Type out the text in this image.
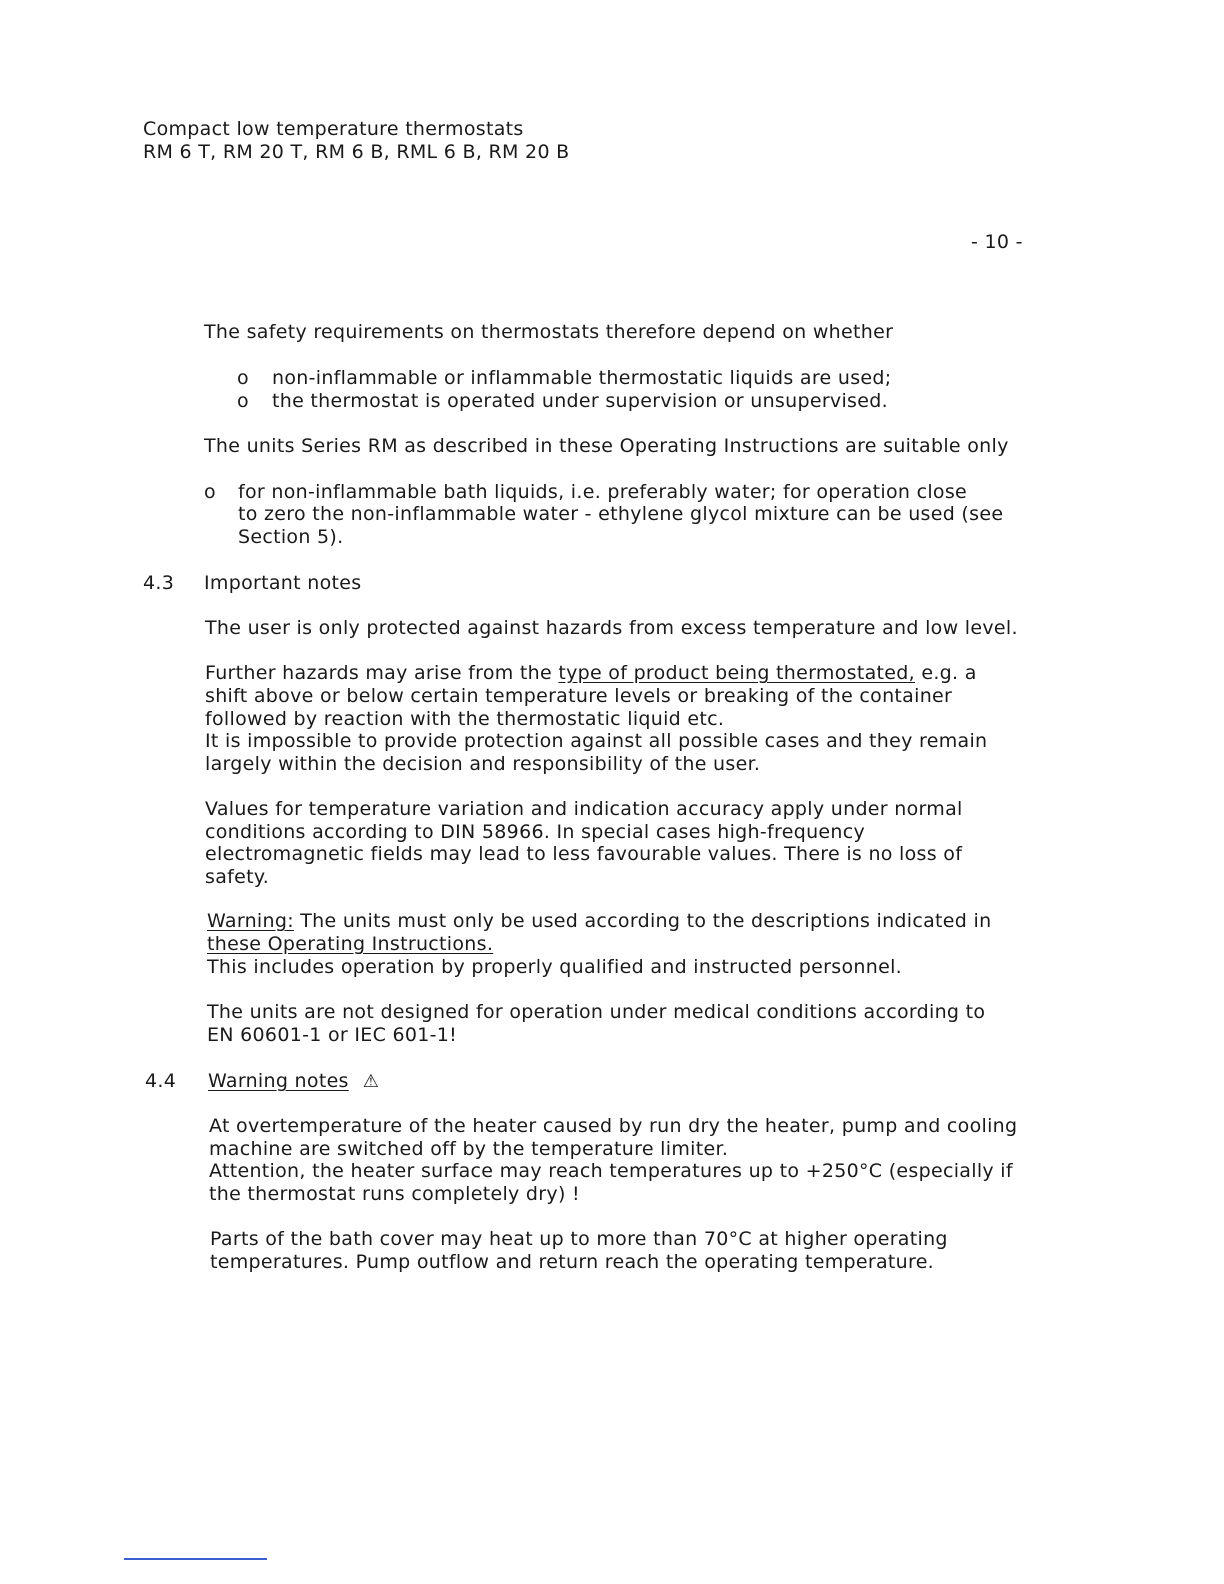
Compact low temperature thermostats
RM 6 T, RM 20 T, RM 6 B, RML 6 B, RM 20 B
- 10 -
The safety requirements on thermostats therefore depend on whether
o non-inflammable or inflammable thermostatic liquids are used;
o the thermostat is operated under supervision or unsupervised.
The units Series RM as described in these Operating Instructions are suitable only
o for non-inflammable bath liquids, i.e. preferably water; for operation close
to zero the non-inflammable water - ethylene glycol mixture can be used (see
Section 5).
4.3 Important notes
The user is only protected against hazards from excess temperature and low level.
Further hazards may arise from the type of product being thermostated, e.g. a
shift above or below certain temperature levels or breaking of the container
followed by reaction with the thermostatic liquid etc.
It is impossible to provide protection against all possible cases and they remain
largely within the decision and responsibility of the user.
Values for temperature variation and indication accuracy apply under normal
conditions according to DIN 58966. In special cases high-frequency
electromagnetic fields may lead to less favourable values. There is no loss of
safety.
Warning: The units must only be used according to the descriptions indicated in
these Operating Instructions.
This includes operation by properly qualified and instructed personnel.
The units are not designed for operation under medical conditions according to
EN 60601-1 or IEC 601-1!
4.4 Warning notes ⚠
At overtemperature of the heater caused by run dry the heater, pump and cooling
machine are switched off by the temperature limiter.
Attention, the heater surface may reach temperatures up to +250°C (especially if
the thermostat runs completely dry) !
Parts of the bath cover may heat up to more than 70°C at higher operating
temperatures. Pump outflow and return reach the operating temperature.
